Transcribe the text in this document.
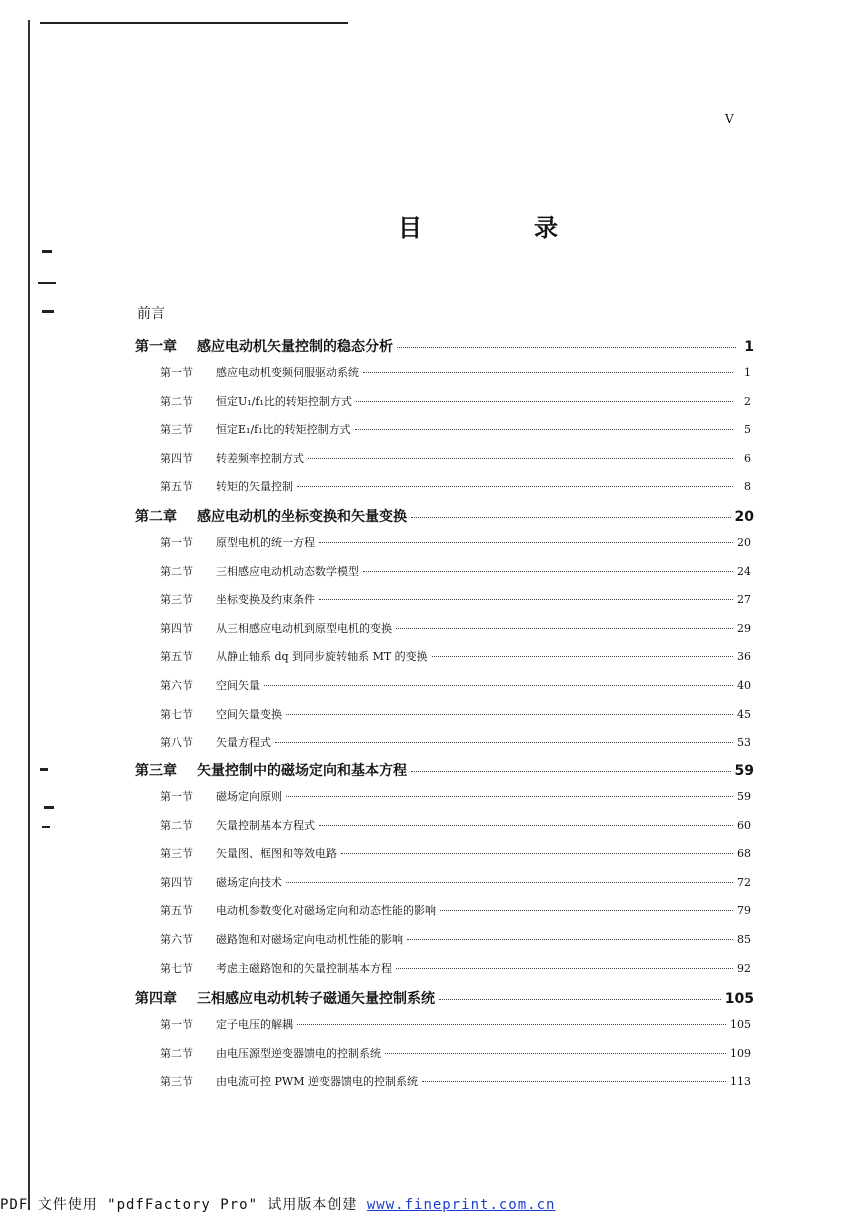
V
目　录
前言
第一章	感应电动机矢量控制的稳态分析	1
第一节	感应电动机变频伺服驱动系统	1
第二节	恒定U₁/f₁比的转矩控制方式	2
第三节	恒定E₁/f₁比的转矩控制方式	5
第四节	转差频率控制方式	6
第五节	转矩的矢量控制	8
第二章	感应电动机的坐标变换和矢量变换	20
第一节	原型电机的统一方程	20
第二节	三相感应电动机动态数学模型	24
第三节	坐标变换及约束条件	27
第四节	从三相感应电动机到原型电机的变换	29
第五节	从静止轴系 dq 到同步旋转轴系 MT 的变换	36
第六节	空间矢量	40
第七节	空间矢量变换	45
第八节	矢量方程式	53
第三章	矢量控制中的磁场定向和基本方程	59
第一节	磁场定向原则	59
第二节	矢量控制基本方程式	60
第三节	矢量图、框图和等效电路	68
第四节	磁场定向技术	72
第五节	电动机参数变化对磁场定向和动态性能的影响	79
第六节	磁路饱和对磁场定向电动机性能的影响	85
第七节	考虑主磁路饱和的矢量控制基本方程	92
第四章	三相感应电动机转子磁通矢量控制系统	105
第一节	定子电压的解耦	105
第二节	由电压源型逆变器馈电的控制系统	109
第三节	由电流可控 PWM 逆变器馈电的控制系统	113
PDF 文件使用 "pdfFactory Pro" 试用版本创建 www.fineprint.com.cn
